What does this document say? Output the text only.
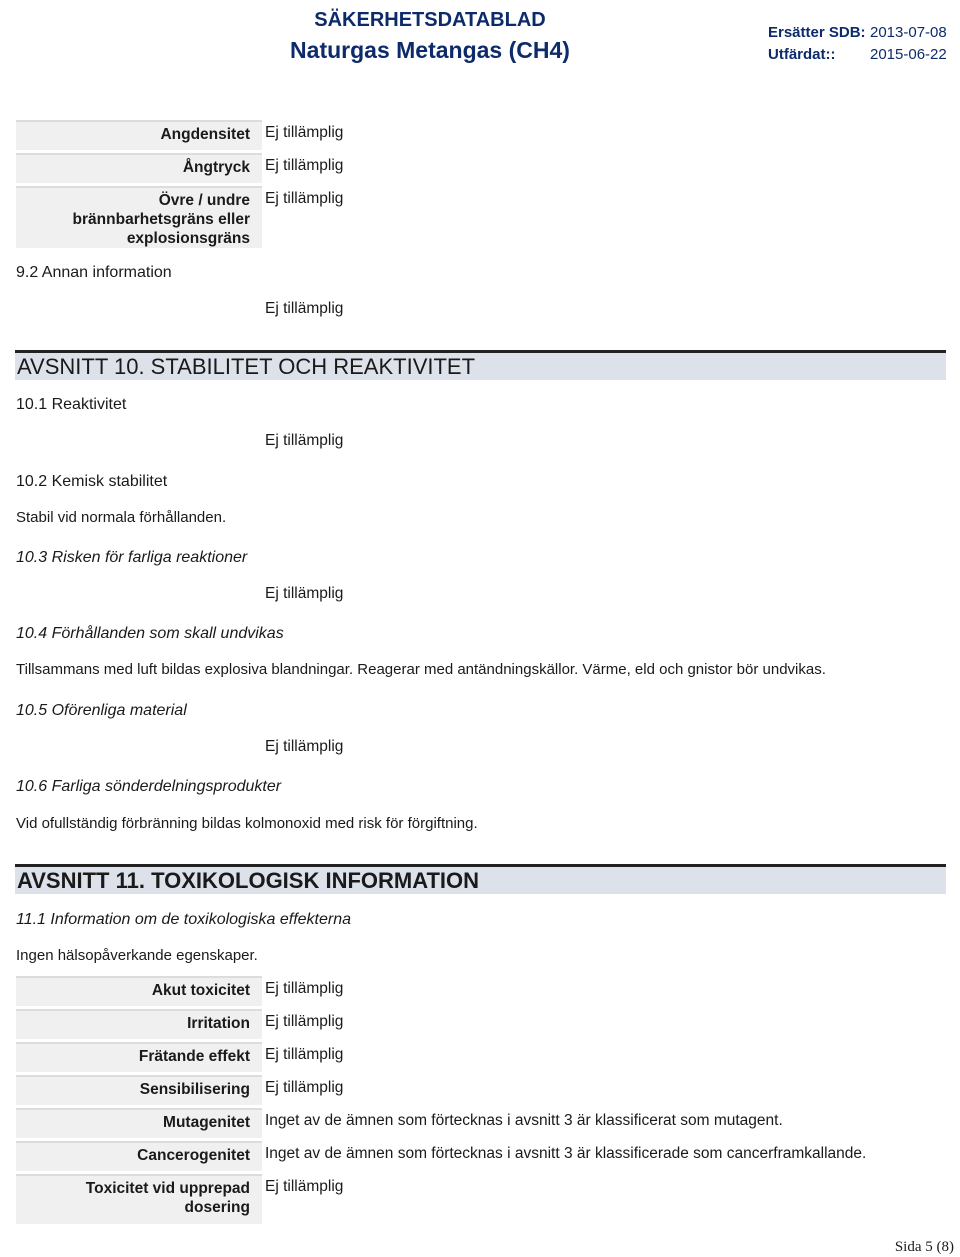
SÄKERHETSDATABLAD
Naturgas Metangas (CH4)
Ersätter SDB: 2013-07-08
Utfärdat:: 2015-06-22
Angdensitet Ej tillämplig
Ångtryck Ej tillämplig
Övre / undre brännbarhetsgräns eller explosionsgräns
Ej tillämplig
9.2 Annan information
Ej tillämplig
AVSNITT 10. STABILITET OCH REAKTIVITET
10.1 Reaktivitet
Ej tillämplig
10.2 Kemisk stabilitet
Stabil vid normala förhållanden.
10.3 Risken för farliga reaktioner
Ej tillämplig
10.4 Förhållanden som skall undvikas
Tillsammans med luft bildas explosiva blandningar. Reagerar med antändningskällor. Värme, eld och gnistor bör undvikas.
10.5 Oförenliga material
Ej tillämplig
10.6 Farliga sönderdelningsprodukter
Vid ofullständig förbränning bildas kolmonoxid med risk för förgiftning.
AVSNITT 11. TOXIKOLOGISK INFORMATION
11.1 Information om de toxikologiska effekterna
Ingen hälsopåverkande egenskaper.
Akut toxicitet Ej tillämplig
Irritation Ej tillämplig
Frätande effekt Ej tillämplig
Sensibilisering Ej tillämplig
Mutagenitet Inget av de ämnen som förtecknas i avsnitt 3 är klassificerat som mutagent.
Cancerogenitet Inget av de ämnen som förtecknas i avsnitt 3 är klassificerade som cancerframkallande.
Toxicitet vid upprepad dosering
Ej tillämplig
Sida 5 (8)
